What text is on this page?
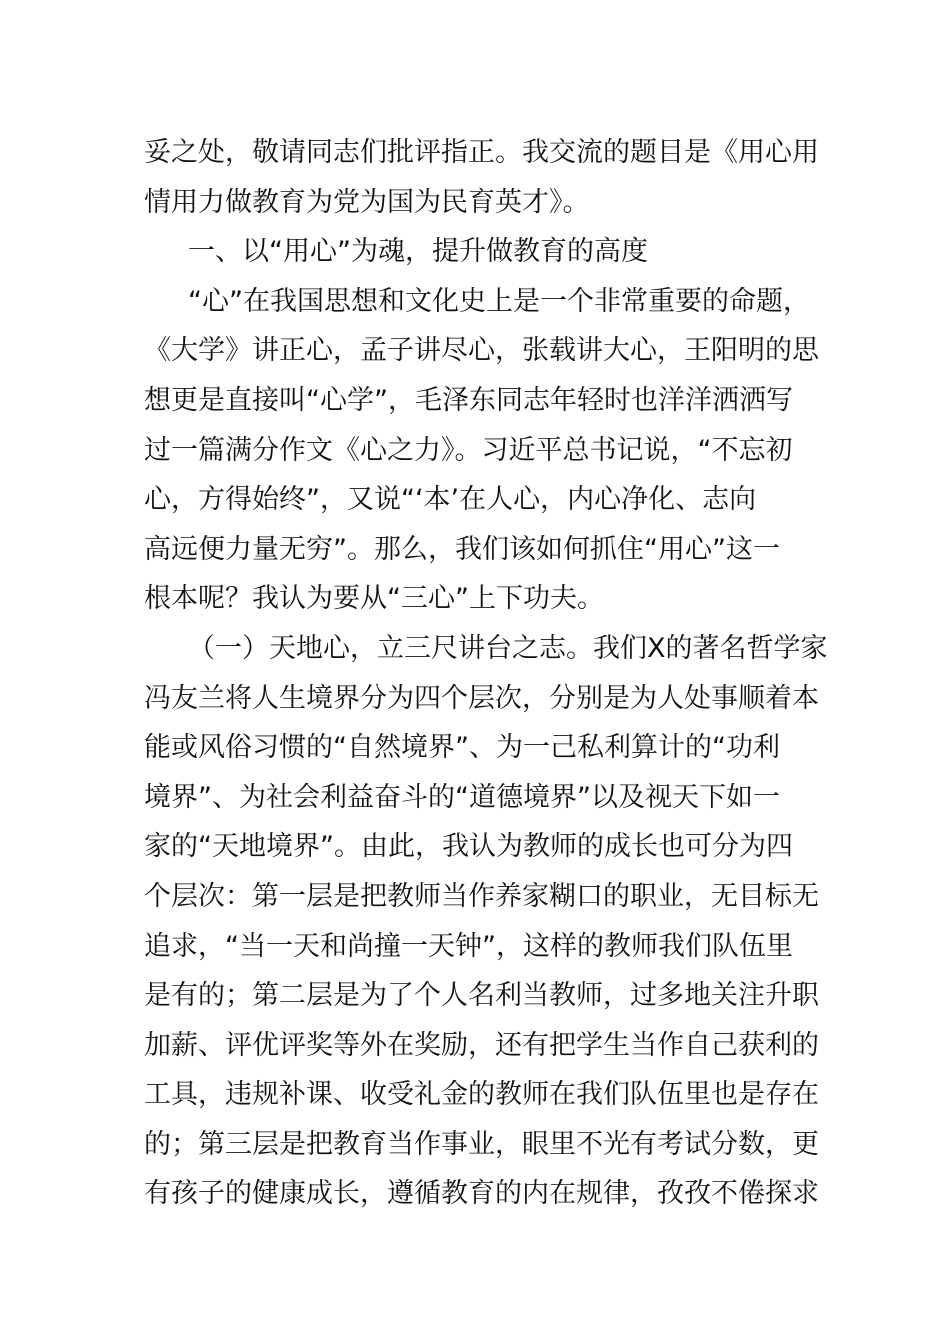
妥之处，敬请同志们批评指正。我交流的题目是《用心用
情用力做教育为党为国为民育英才》。
一、以“用心”为魂，提升做教育的高度
“心”在我国思想和文化史上是一个非常重要的命题，
《大学》讲正心，孟子讲尽心，张载讲大心，王阳明的思
想更是直接叫“心学”，毛泽东同志年轻时也洋洋洒洒写
过一篇满分作文《心之力》。习近平总书记说，“不忘初
心，方得始终”，又说“‘本’在人心，内心净化、志向
高远便力量无穷”。那么，我们该如何抓住“用心”这一
根本呢？我认为要从“三心”上下功夫。
（一）天地心，立三尺讲台之志。我们X的著名哲学家
冯友兰将人生境界分为四个层次，分别是为人处事顺着本
能或风俗习惯的“自然境界”、为一己私利算计的“功利
境界”、为社会利益奋斗的“道德境界”以及视天下如一
家的“天地境界”。由此，我认为教师的成长也可分为四
个层次：第一层是把教师当作养家糊口的职业，无目标无
追求，“当一天和尚撞一天钟”，这样的教师我们队伍里
是有的；第二层是为了个人名利当教师，过多地关注升职
加薪、评优评奖等外在奖励，还有把学生当作自己获利的
工具，违规补课、收受礼金的教师在我们队伍里也是存在
的；第三层是把教育当作事业，眼里不光有考试分数，更
有孩子的健康成长，遵循教育的内在规律，孜孜不倦探求
